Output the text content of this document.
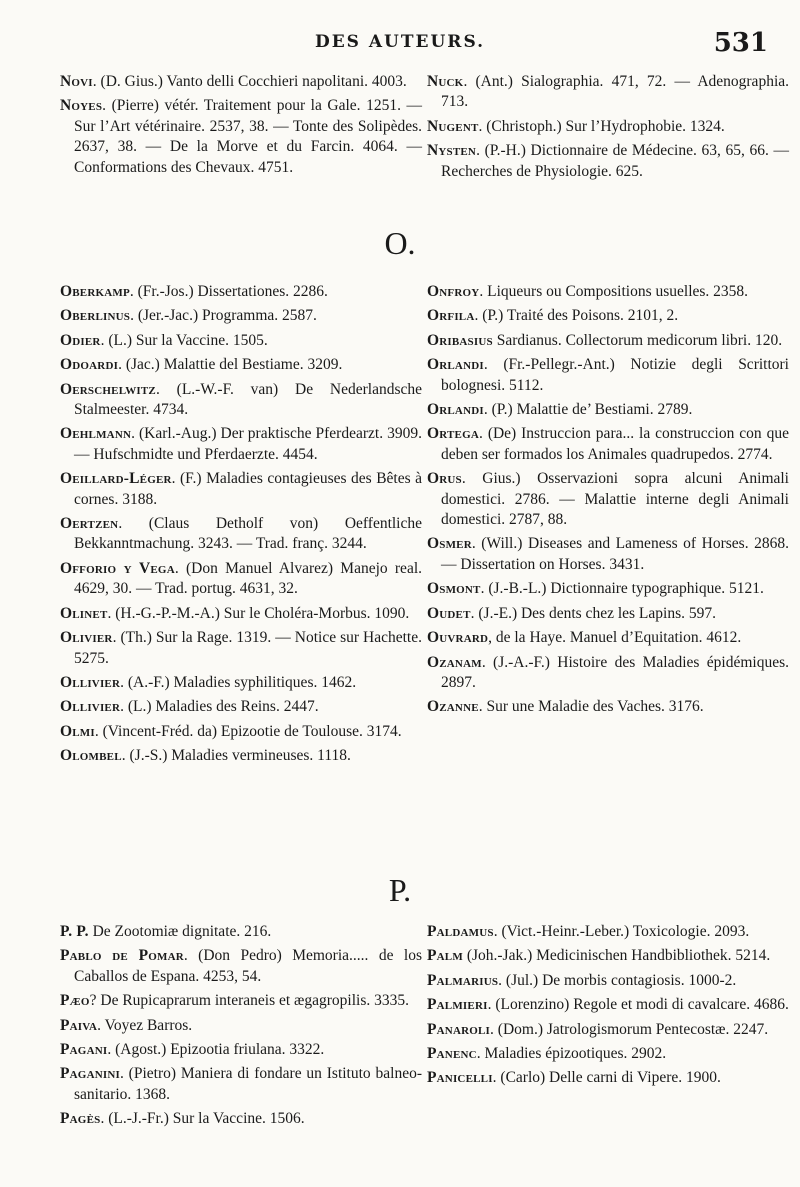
DES AUTEURS.	531

Novi. (D. Gius.) Vanto delli Cocchieri napolitani. 4003.

Noyes. (Pierre) vétér. Traitement pour la Gale. 1251. — Sur l’Art vétérinaire. 2537, 38. — Tonte des Solipèdes. 2637, 38. — De la Morve et du Farcin. 4064. — Conformations des Chevaux. 4751.

Nuck. (Ant.) Sialographia. 471, 72. — Adenographia. 713.

Nugent. (Christoph.) Sur l’Hydrophobie. 1324.

Nysten. (P.-H.) Dictionnaire de Médecine. 63, 65, 66. — Recherches de Physiologie. 625.

O.

Oberkamp. (Fr.-Jos.) Dissertationes. 2286.

Oberlinus. (Jer.-Jac.) Programma. 2587.

Odier. (L.) Sur la Vaccine. 1505.

Odoardi. (Jac.) Malattie del Bestiame. 3209.

Oerschelwitz. (L.-W.-F. van) De Nederlandsche Stalmeester. 4734.

Oehlmann. (Karl.-Aug.) Der praktische Pferdearzt. 3909. — Hufschmidte und Pferdaerzte. 4454.

Oeillard-Léger. (F.) Maladies contagieuses des Bêtes à cornes. 3188.

Oertzen. (Claus Detholf von) Oeffentliche Bekkanntmachung. 3243. — Trad. franç. 3244.

Offorio y Vega. (Don Manuel Alvarez) Manejo real. 4629, 30. — Trad. portug. 4631, 32.

Olinet. (H.-G.-P.-M.-A.) Sur le Choléra-Morbus. 1090.

Olivier. (Th.) Sur la Rage. 1319. — Notice sur Hachette. 5275.

Ollivier. (A.-F.) Maladies syphilitiques. 1462.

Ollivier. (L.) Maladies des Reins. 2447.

Olmi. (Vincent-Fréd. da) Epizootie de Toulouse. 3174.

Olombel. (J.-S.) Maladies vermineuses. 1118.

Onfroy. Liqueurs ou Compositions usuelles. 2358.

Orfila. (P.) Traité des Poisons. 2101, 2.

Oribasius Sardianus. Collectorum medicorum libri. 120.

Orlandi. (Fr.-Pellegr.-Ant.) Notizie degli Scrittori bolognesi. 5112.

Orlandi. (P.) Malattie de’ Bestiami. 2789.

Ortega. (De) Instruccion para... la construccion con que deben ser formados los Animales quadrupedos. 2774.

Orus. Gius.) Osservazioni sopra alcuni Animali domestici. 2786. — Malattie interne degli Animali domestici. 2787, 88.

Osmer. (Will.) Diseases and Lameness of Horses. 2868. — Dissertation on Horses. 3431.

Osmont. (J.-B.-L.) Dictionnaire typographique. 5121.

Oudet. (J.-E.) Des dents chez les Lapins. 597.

Ouvrard, de la Haye. Manuel d’Equitation. 4612.

Ozanam. (J.-A.-F.) Histoire des Maladies épidémiques. 2897.

Ozanne. Sur une Maladie des Vaches. 3176.

P.

P. P. De Zootomiæ dignitate. 216.

Pablo de Pomar. (Don Pedro) Memoria..... de los Caballos de Espana. 4253, 54.

Pæo? De Rupicaprarum interaneis et ægagropilis. 3335.

Paiva. Voyez Barros.

Pagani. (Agost.) Epizootia friulana. 3322.

Paganini. (Pietro) Maniera di fondare un Istituto balneo-sanitario. 1368.

Pagès. (L.-J.-Fr.) Sur la Vaccine. 1506.

Paldamus. (Vict.-Heinr.-Leber.) Toxicologie. 2093.

Palm (Joh.-Jak.) Medicinischen Handbibliothek. 5214.

Palmarius. (Jul.) De morbis contagiosis. 1000-2.

Palmieri. (Lorenzino) Regole et modi di cavalcare. 4686.

Panaroli. (Dom.) Jatrologismorum Pentecostæ. 2247.

Panenc. Maladies épizootiques. 2902.

Panicelli. (Carlo) Delle carni di Vipere. 1900.
